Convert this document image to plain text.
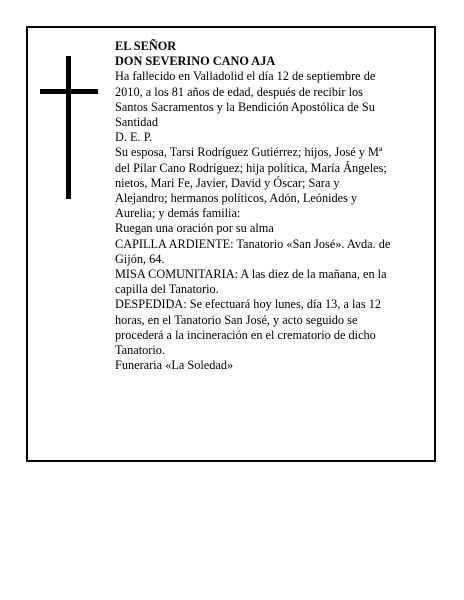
EL SEÑOR
DON SEVERINO CANO AJA
Ha fallecido en Valladolid el día 12 de septiembre de
2010, a los 81 años de edad, después de recibir los
Santos Sacramentos y la Bendición Apostólica de Su
Santidad
D. E. P.
Su esposa, Tarsi Rodríguez Gutiérrez; hijos, José y Mª
del Pilar Cano Rodríguez; hija política, María Ángeles;
nietos, Mari Fe, Javier, David y Óscar; Sara y
Alejandro; hermanos políticos, Adón, Leónides y
Aurelia; y demás familia:
Ruegan una oración por su alma
CAPILLA ARDIENTE: Tanatorio «San José». Avda. de
Gijón, 64.
MISA COMUNITARIA: A las diez de la mañana, en la
capilla del Tanatorio.
DESPEDIDA: Se efectuará hoy lunes, día 13, a las 12
horas, en el Tanatorio San José, y acto seguido se
procederá a la incineración en el crematorio de dicho
Tanatorio.
Funeraria «La Soledad»
